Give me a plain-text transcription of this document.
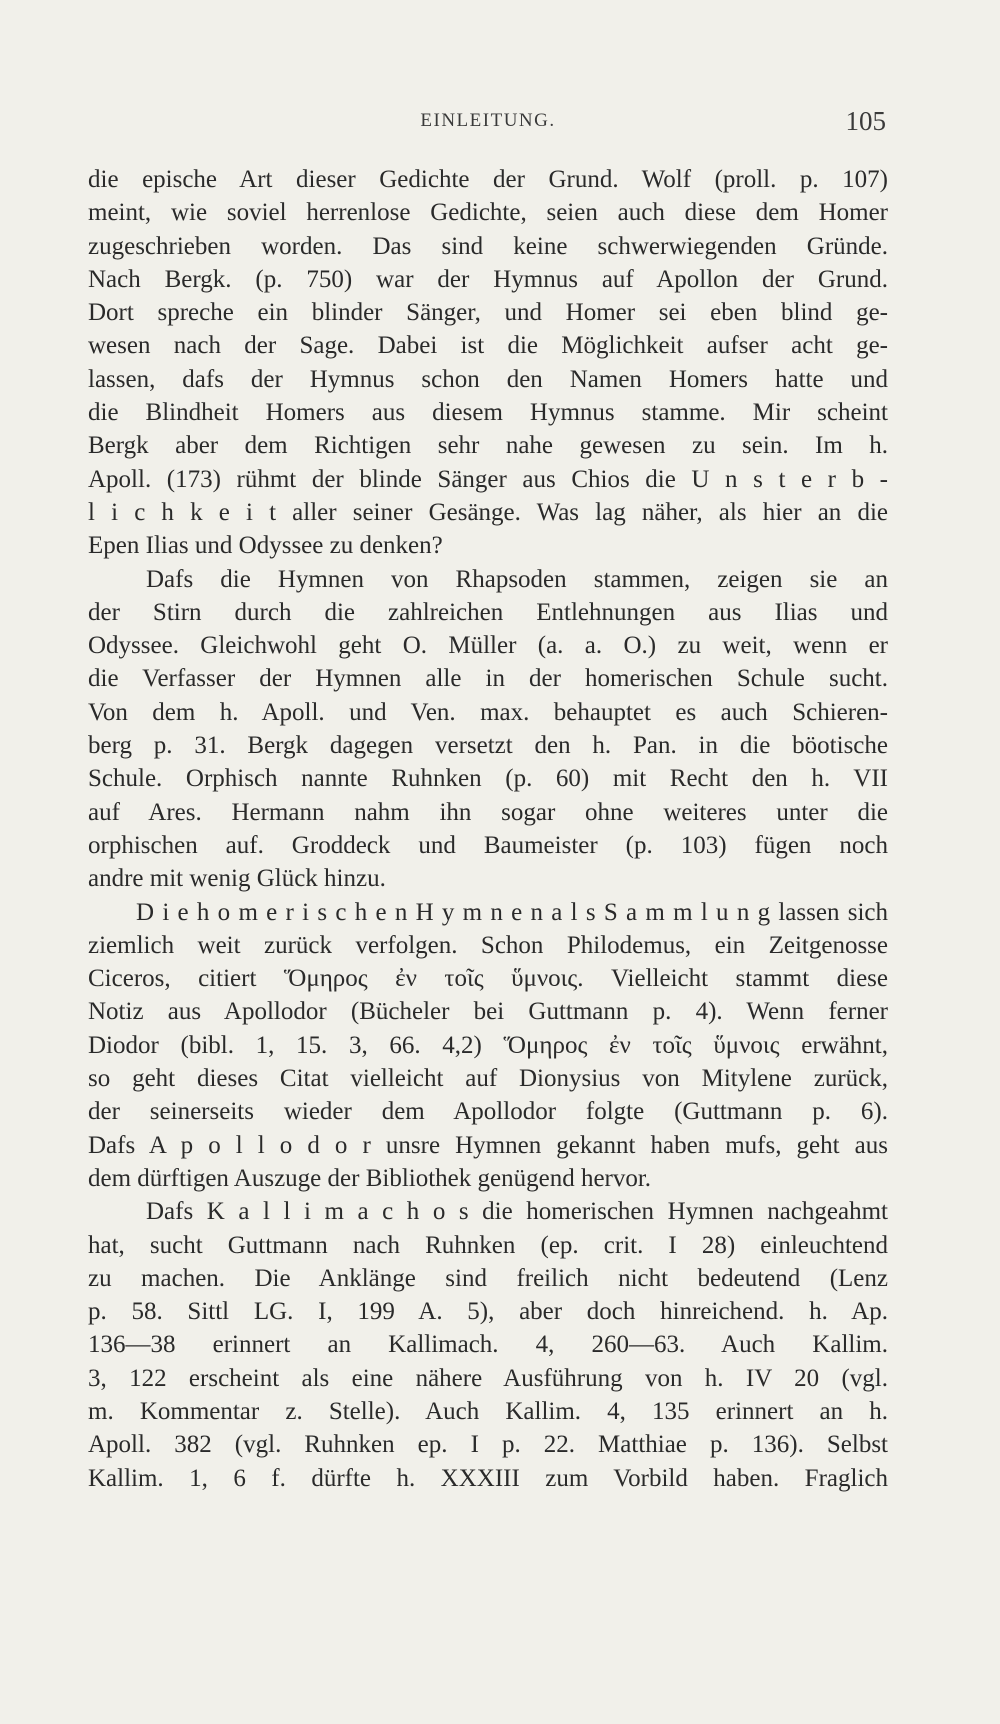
EINLEITUNG.	105
die epische Art dieser Gedichte der Grund. Wolf (proll. p. 107)
meint, wie soviel herrenlose Gedichte, seien auch diese dem Homer
zugeschrieben worden. Das sind keine schwerwiegenden Gründe.
Nach Bergk. (p. 750) war der Hymnus auf Apollon der Grund.
Dort spreche ein blinder Sänger, und Homer sei eben blind ge-
wesen nach der Sage. Dabei ist die Möglichkeit aufser acht ge-
lassen, dafs der Hymnus schon den Namen Homers hatte und
die Blindheit Homers aus diesem Hymnus stamme. Mir scheint
Bergk aber dem Richtigen sehr nahe gewesen zu sein. Im h.
Apoll. (173) rühmt der blinde Sänger aus Chios die U n s t e r b -
l i c h k e i t aller seiner Gesänge. Was lag näher, als hier an die
Epen Ilias und Odyssee zu denken?
Dafs die Hymnen von Rhapsoden stammen, zeigen sie an
der Stirn durch die zahlreichen Entlehnungen aus Ilias und
Odyssee. Gleichwohl geht O. Müller (a. a. O.) zu weit, wenn er
die Verfasser der Hymnen alle in der homerischen Schule sucht.
Von dem h. Apoll. und Ven. max. behauptet es auch Schieren-
berg p. 31. Bergk dagegen versetzt den h. Pan. in die böotische
Schule. Orphisch nannte Ruhnken (p. 60) mit Recht den h. VII
auf Ares. Hermann nahm ihn sogar ohne weiteres unter die
orphischen auf. Groddeck und Baumeister (p. 103) fügen noch
andre mit wenig Glück hinzu.
D i e h o m e r i s c h e n H y m n e n a l s S a m m l u n g lassen sich
ziemlich weit zurück verfolgen. Schon Philodemus, ein Zeitgenosse
Ciceros, citiert Ὅμηρος ἐν τοῖς ὕμνοις. Vielleicht stammt diese
Notiz aus Apollodor (Bücheler bei Guttmann p. 4). Wenn ferner
Diodor (bibl. 1, 15. 3, 66. 4,2) Ὅμηρος ἐν τοῖς ὕμνοις erwähnt,
so geht dieses Citat vielleicht auf Dionysius von Mitylene zurück,
der seinerseits wieder dem Apollodor folgte (Guttmann p. 6).
Dafs A p o l l o d o r unsre Hymnen gekannt haben mufs, geht aus
dem dürftigen Auszuge der Bibliothek genügend hervor.
Dafs K a l l i m a c h o s die homerischen Hymnen nachgeahmt
hat, sucht Guttmann nach Ruhnken (ep. crit. I 28) einleuchtend
zu machen. Die Anklänge sind freilich nicht bedeutend (Lenz
p. 58. Sittl LG. I, 199 A. 5), aber doch hinreichend. h. Ap.
136—38 erinnert an Kallimach. 4, 260—63. Auch Kallim.
3, 122 erscheint als eine nähere Ausführung von h. IV 20 (vgl.
m. Kommentar z. Stelle). Auch Kallim. 4, 135 erinnert an h.
Apoll. 382 (vgl. Ruhnken ep. I p. 22. Matthiae p. 136). Selbst
Kallim. 1, 6 f. dürfte h. XXXIII zum Vorbild haben. Fraglich
